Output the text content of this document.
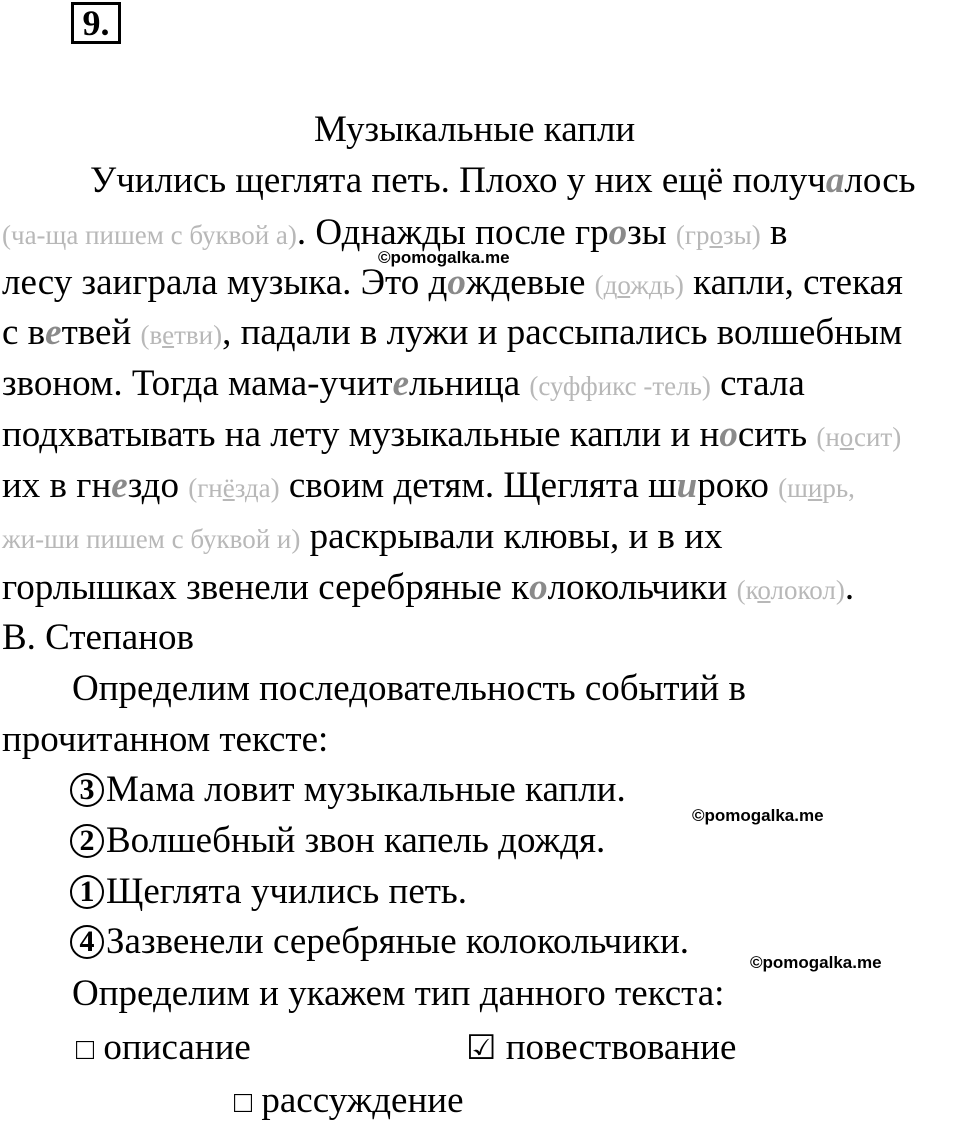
9.
Музыкальные капли
Учились щеглята петь. Плохо у них ещё получалось
(ча-ща пишем с буквой а). Однажды после грозы (грозы) в
лесу заиграла музыка. Это дождевые (дождь) капли, стекая
с ветвей (ветви), падали в лужи и рассыпались волшебным
звоном. Тогда мама-учительница (суффикс -тель) стала
подхватывать на лету музыкальные капли и носить (носит)
их в гнездо (гнёзда) своим детям. Щеглята широко (ширь,
жи-ши пишем с буквой и) раскрывали клювы, и в их
горлышках звенели серебряные колокольчики (колокол).
В. Степанов
Определим последовательность событий в
прочитанном тексте:
3 Мама ловит музыкальные капли.
2 Волшебный звон капель дождя.
1 Щеглята учились петь.
4 Зазвенели серебряные колокольчики.
Определим и укажем тип данного текста:
□ описание	☑ повествование
□ рассуждение
©pomogalka.me
©pomogalka.me
©pomogalka.me
